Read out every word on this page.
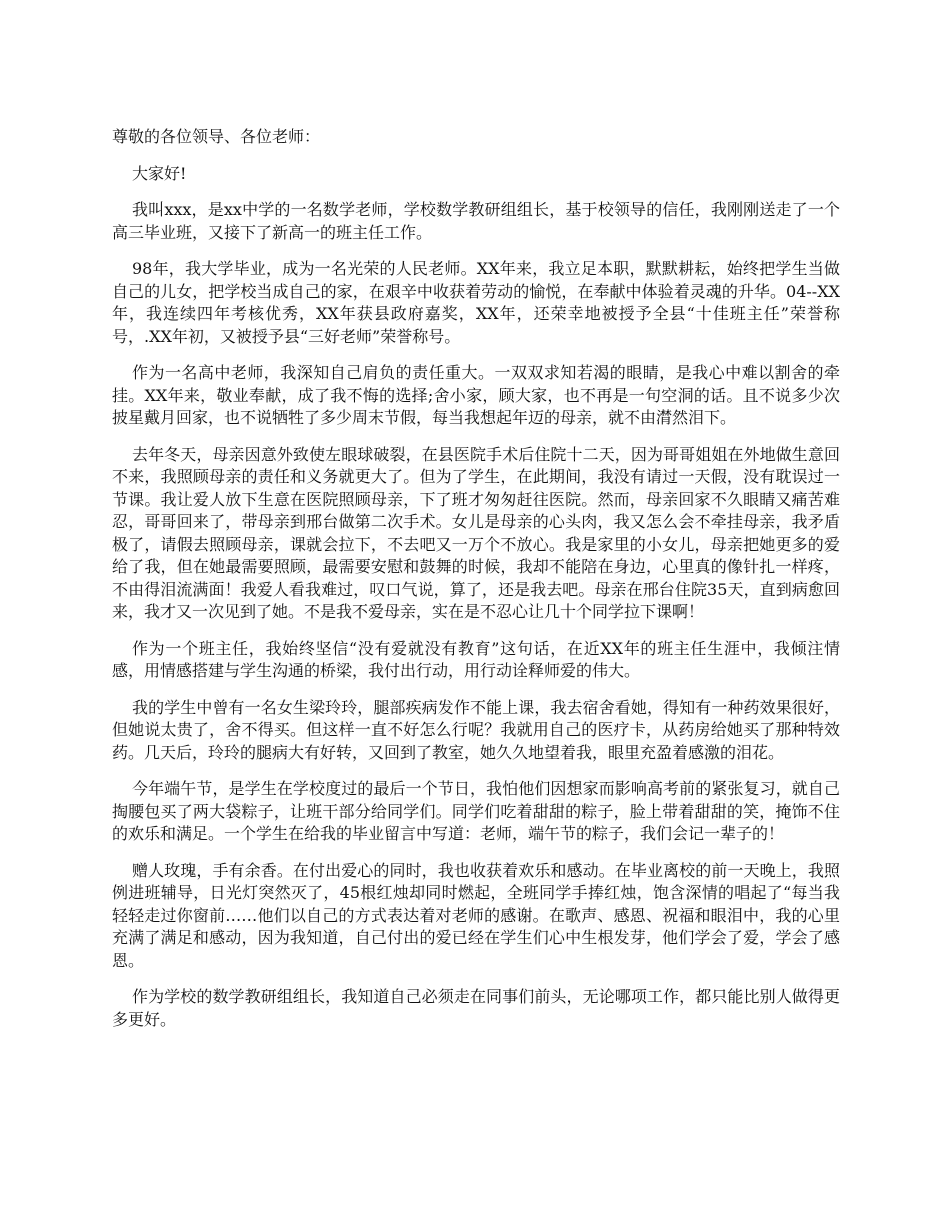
尊敬的各位领导、各位老师：

大家好!

我叫xxx，是xx中学的一名数学老师，学校数学教研组组长，基于校领导的信任，我刚刚送走了一个高三毕业班，又接下了新高一的班主任工作。

98年，我大学毕业，成为一名光荣的人民老师。XX年来，我立足本职，默默耕耘，始终把学生当做自己的儿女，把学校当成自己的家，在艰辛中收获着劳动的愉悦，在奉献中体验着灵魂的升华。04--XX年，我连续四年考核优秀，XX年获县政府嘉奖，XX年，还荣幸地被授予全县“十佳班主任”荣誉称号，.XX年初，又被授予县“三好老师”荣誉称号。

作为一名高中老师，我深知自己肩负的责任重大。一双双求知若渴的眼睛，是我心中难以割舍的牵挂。XX年来，敬业奉献，成了我不悔的选择;舍小家，顾大家，也不再是一句空洞的话。且不说多少次披星戴月回家，也不说牺牲了多少周末节假，每当我想起年迈的母亲，就不由潸然泪下。

去年冬天，母亲因意外致使左眼球破裂，在县医院手术后住院十二天，因为哥哥姐姐在外地做生意回不来，我照顾母亲的责任和义务就更大了。但为了学生，在此期间，我没有请过一天假，没有耽误过一节课。我让爱人放下生意在医院照顾母亲，下了班才匆匆赶往医院。然而，母亲回家不久眼睛又痛苦难忍，哥哥回来了，带母亲到邢台做第二次手术。女儿是母亲的心头肉，我又怎么会不牵挂母亲，我矛盾极了，请假去照顾母亲，课就会拉下，不去吧又一万个不放心。我是家里的小女儿，母亲把她更多的爱给了我，但在她最需要照顾，最需要安慰和鼓舞的时候，我却不能陪在身边，心里真的像针扎一样疼，不由得泪流满面！我爱人看我难过，叹口气说，算了，还是我去吧。母亲在邢台住院35天，直到病愈回来，我才又一次见到了她。不是我不爱母亲，实在是不忍心让几十个同学拉下课啊！

作为一个班主任，我始终坚信“没有爱就没有教育”这句话，在近XX年的班主任生涯中，我倾注情感，用情感搭建与学生沟通的桥梁，我付出行动，用行动诠释师爱的伟大。

我的学生中曾有一名女生梁玲玲，腿部疾病发作不能上课，我去宿舍看她，得知有一种药效果很好，但她说太贵了，舍不得买。但这样一直不好怎么行呢？我就用自己的医疗卡，从药房给她买了那种特效药。几天后，玲玲的腿病大有好转，又回到了教室，她久久地望着我，眼里充盈着感激的泪花。

今年端午节，是学生在学校度过的最后一个节日，我怕他们因想家而影响高考前的紧张复习，就自己掏腰包买了两大袋粽子，让班干部分给同学们。同学们吃着甜甜的粽子，脸上带着甜甜的笑，掩饰不住的欢乐和满足。一个学生在给我的毕业留言中写道：老师，端午节的粽子，我们会记一辈子的！

赠人玫瑰，手有余香。在付出爱心的同时，我也收获着欢乐和感动。在毕业离校的前一天晚上，我照例进班辅导，日光灯突然灭了，45根红烛却同时燃起，全班同学手捧红烛，饱含深情的唱起了“每当我轻轻走过你窗前……他们以自己的方式表达着对老师的感谢。在歌声、感恩、祝福和眼泪中，我的心里充满了满足和感动，因为我知道，自己付出的爱已经在学生们心中生根发芽，他们学会了爱，学会了感恩。

作为学校的数学教研组组长，我知道自己必须走在同事们前头，无论哪项工作，都只能比别人做得更多更好。
